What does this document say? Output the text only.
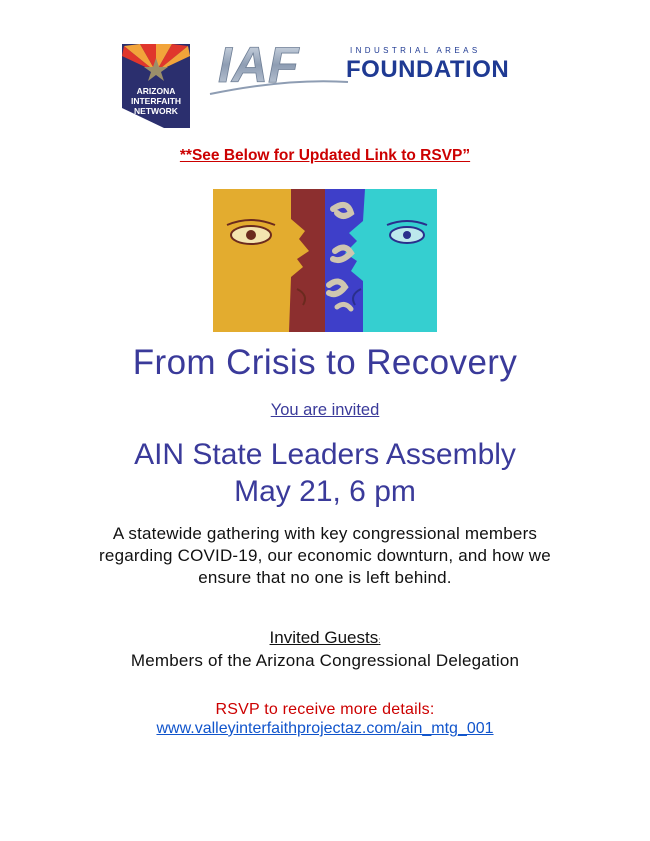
ARIZONA
INTERFAITH
NETWORK
IAF	INDUSTRIAL AREAS
FOUNDATION
**See Below for Updated Link to RSVP”
From Crisis to Recovery
You are invited
AIN State Leaders Assembly
May 21, 6 pm
A statewide gathering with key congressional members regarding COVID-19, our economic downturn, and how we ensure that no one is left behind.
Invited Guests:
Members of the Arizona Congressional Delegation
RSVP to receive more details:
www.valleyinterfaithprojectaz.com/ain_mtg_001
